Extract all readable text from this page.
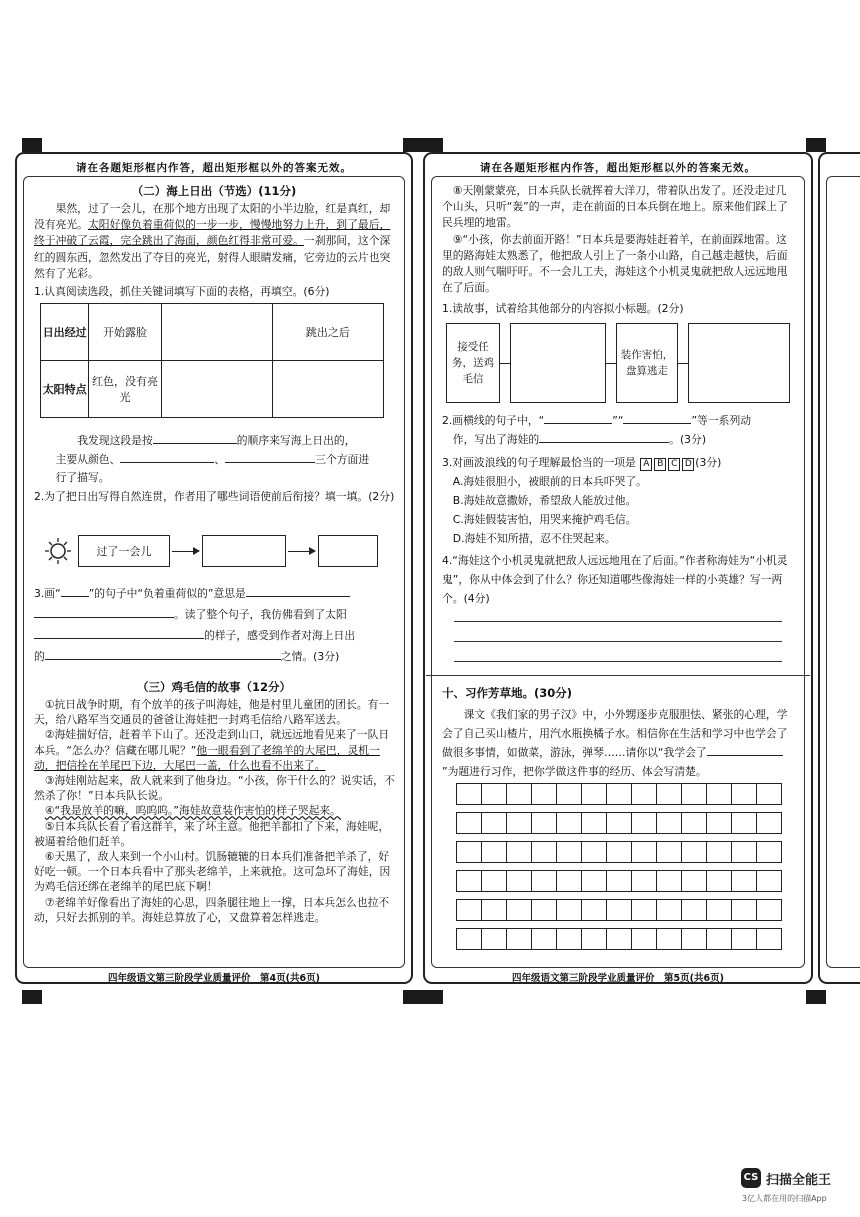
请在各题矩形框内作答，超出矩形框以外的答案无效。
（二）海上日出（节选）(11分)
果然，过了一会儿，在那个地方出现了太阳的小半边脸，红是真红，却没有亮光。太阳好像负着重荷似的一步一步，慢慢地努力上升，到了最后，终于冲破了云霞，完全跳出了海面，颜色红得非常可爱。一刹那间，这个深红的圆东西，忽然发出了夺目的亮光，射得人眼睛发痛，它旁边的云片也突然有了光彩。
1.认真阅读选段，抓住关键词填写下面的表格，再填空。(6分)
日出经过	开始露脸		跳出之后
太阳特点	红色，没有亮光		
我发现这段是按	的顺序来写海上日出的，
主要从颜色、	、	三个方面进
行了描写。
2.为了把日出写得自然连贯，作者用了哪些词语使前后衔接？填一填。(2分)
过了一会儿
3.画“	”的句子中“负着重荷似的”意思是
。读了整个句子，我仿佛看到了太阳
的样子，感受到作者对海上日出
的	之情。(3分)
（三）鸡毛信的故事（12分）
①抗日战争时期，有个放羊的孩子叫海娃，他是村里儿童团的团长。有一天，给八路军当交通员的爸爸让海娃把一封鸡毛信给八路军送去。
②海娃揣好信，赶着羊下山了。还没走到山口，就远远地看见来了一队日本兵。“怎么办？信藏在哪儿呢？”他一眼看到了老绵羊的大尾巴，灵机一动，把信拴在羊尾巴下边，大尾巴一盖，什么也看不出来了。
③海娃刚站起来，敌人就来到了他身边。“小孩，你干什么的？说实话，不然杀了你！”日本兵队长说。
④“我是放羊的嘛，呜呜呜。”海娃故意装作害怕的样子哭起来。
⑤日本兵队长看了看这群羊，来了坏主意。他把羊都扣了下来，海娃呢，被逼着给他们赶羊。
⑥天黑了，敌人来到一个小山村。饥肠辘辘的日本兵们准备把羊杀了，好好吃一顿。一个日本兵看中了那头老绵羊，上来就抢。这可急坏了海娃，因为鸡毛信还绑在老绵羊的尾巴底下啊！
⑦老绵羊好像看出了海娃的心思，四条腿往地上一撑，日本兵怎么也拉不动，只好去抓别的羊。海娃总算放了心，又盘算着怎样逃走。
四年级语文第三阶段学业质量评价　第4页(共6页)
请在各题矩形框内作答，超出矩形框以外的答案无效。
⑧天刚蒙蒙亮，日本兵队长就挥着大洋刀，带着队出发了。还没走过几个山头，只听“轰”的一声，走在前面的日本兵倒在地上。原来他们踩上了民兵埋的地雷。
⑨“小孩，你去前面开路！”日本兵是要海娃赶着羊，在前面踩地雷。这里的路海娃太熟悉了，他把敌人引上了一条小山路，自己越走越快，后面的敌人则气喘吁吁。不一会儿工夫，海娃这个小机灵鬼就把敌人远远地甩在了后面。
1.读故事，试着给其他部分的内容拟小标题。(2分)
接受任务，送鸡毛信
装作害怕，盘算逃走
2.画横线的句子中，“	”“	”等一系列动
作，写出了海娃的	。(3分)
3.对画波浪线的句子理解最恰当的一项是 A B C D (3分)
A.海娃很胆小，被眼前的日本兵吓哭了。
B.海娃故意撒娇，希望敌人能放过他。
C.海娃假装害怕，用哭来掩护鸡毛信。
D.海娃不知所措，忍不住哭起来。
4.“海娃这个小机灵鬼就把敌人远远地甩在了后面。”作者称海娃为“小机灵鬼”，你从中体会到了什么？你还知道哪些像海娃一样的小英雄？写一两个。(4分)
十、习作芳草地。(30分)
课文《我们家的男子汉》中，小外甥逐步克服胆怯、紧张的心理，学会了自己买山楂片，用汽水瓶换橘子水。相信你在生活和学习中也学会了做很多事情，如做菜，游泳，弹琴……请你以“我学会了”为题进行习作，把你学做这件事的经历、体会写清楚。

四年级语文第三阶段学业质量评价　第5页(共6页)
CS 扫描全能王
3亿人都在用的扫描App
